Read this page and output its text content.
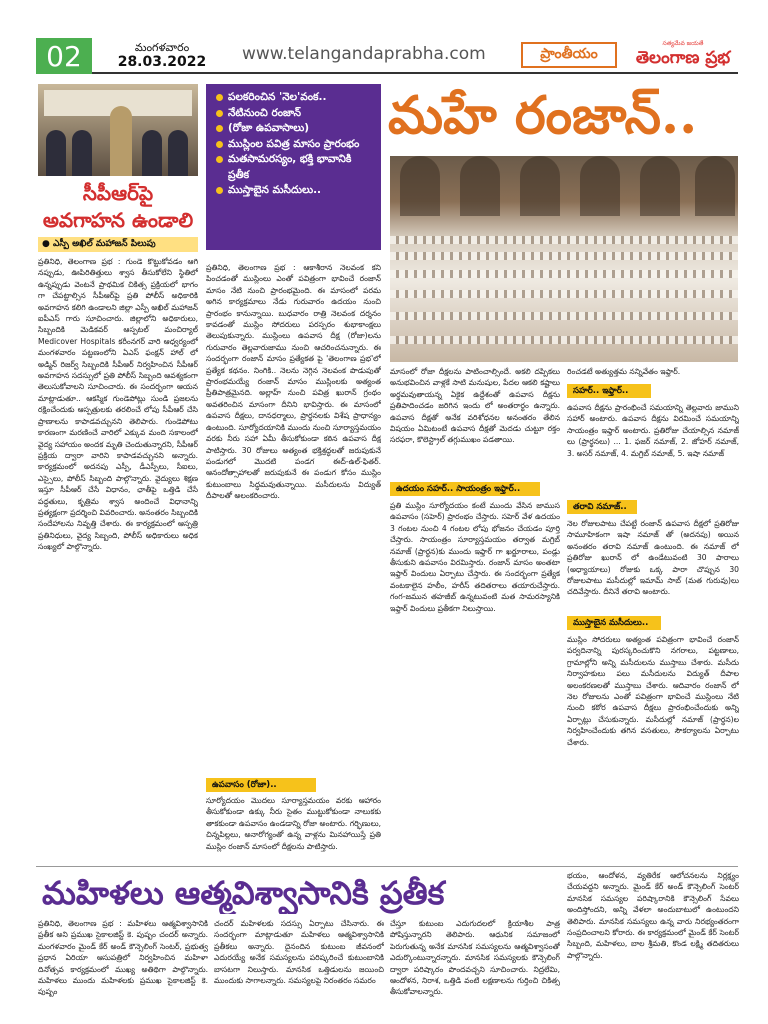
02	మంగళవారం
28.03.2022	www.telangandaprabha.com	ప్రాంతీయం
సత్యమేవ జయతే
తెలంగాణ ప్రభ
సీపీఆర్‌పై
అవగాహన ఉండాలి
● ఎస్పీ అఖిల్ మహాజన్ పిలుపు
ప్రతినిధి, తెలంగాణ ప్రభ : గుండె కొట్టుకోవడం ఆగి నప్పుడు, ఊపిరితిత్తులు శ్వాస తీసుకోలేని స్థితిలో ఉన్నప్పుడు వెంటనే ప్రాథమిక చికిత్స ప్రక్రియలో భాగం గా చేపట్టాల్సిన సీపీఆర్‌పై ప్రతి పోలీస్ అధికారికి అవగాహన కలిగి ఉండాలని జిల్లా ఎస్పీ అఖిల్ మహాజన్ ఐపీఎస్ గారు సూచించారు. జిల్లాలోని అధికారులు, సిబ్బందికి మెడికవర్ ఆస్పటల్ మంచిర్యాల్ Medicover Hospitals కరీంనగర్ వారి ఆధ్వర్యంలో మంగళవారం పట్టణంలోని ఏఎస్ ఫంక్షన్ హాల్ లో అడ్మిన్ రిజర్వ్ సిబ్బందికి సీపీఆర్ నిర్వహించిన సీపీఆర్ అవగాహన సదస్సులో ప్రతి పోలీస్ సిబ్బంది ఆవశ్యకంగా తెలుసుకోవాలని సూచించారు. ఈ సందర్భంగా ఆయన మాట్లాడుతూ.. ఆకస్మిక గుండెపోట్లు సుండి ప్రజలను రక్షించేందుకు ఆస్పత్రులకు తరలించే లోపు సీపీఆర్ చేసి ప్రాణాలను కాపాడవచ్చునని తెలిపారు. గుండెపోటు కారణంగా మరణించే వారిలో ఎక్కువ మంది సకాలంలో వైద్య సహాయం అందక మృతి చెందుతున్నారని, సీపీఆర్ ప్రక్రియ ద్వారా వారిని కాపాడవచ్చునని అన్నారు. కార్యక్రమంలో అదనపు ఎస్పీ, డీఎస్పీలు, సీఐలు, ఎస్సైలు, పోలీస్ సిబ్బంది పాల్గొన్నారు. వైద్యులు శిక్షణ ఇస్తూ సీపీఆర్ చేసే విధానం, ఛాతీపై ఒత్తిడి చేసే పద్ధతులు, కృత్రిమ శ్వాస అందించే విధానాన్ని ప్రత్యక్షంగా ప్రదర్శించి వివరించారు. అనంతరం సిబ్బందికి సందేహాలను నివృత్తి చేశారు. ఈ కార్యక్రమంలో ఆస్పత్రి ప్రతినిధులు, వైద్య సిబ్బంది, పోలీస్ అధికారులు అధిక సంఖ్యలో పాల్గొన్నారు.
పలకరించిన 'నెల'వంక..
నేటినుంచి రంజాన్
(రోజా ఉపవాసాలు)
ముస్లింల పవిత్ర మాసం ప్రారంభం
మతసామరస్యం, భక్తి భావానికి ప్రతీక
ముస్తాబైన మసీదులు..
ప్రతినిధి, తెలంగాణ ప్రభ : ఆకాశీరాన నెలవంక కని పించడంతో ముస్లింలు ఎంతో పవిత్రంగా భావించే రంజాన్ మాసం నేటి నుంచి ప్రారంభమైంది. ఈ మాసంలో పరమ అగిన కార్యక్రమాలు నేడు గురువారం ఉదయం నుంచి ప్రారంభం కానున్నాయి. బుధవారం రాత్రి నెలవంక దర్శనం కావడంతో ముస్లిం సోదరులు పరస్పరం శుభాకాంక్షలు తెలుపుకున్నారు. ముస్లింలు ఉపవాస దీక్ష (రోజా)లను గురువారం తెల్లవారుజాము నుంచి ఆచరించనున్నారు. ఈ సందర్భంగా రంజాన్ మాసం ప్రత్యేకత పై 'తెలంగాణ ప్రభ'లో ప్రత్యేక కథనం. నింగికి.. నెలను నెగ్గిన నెలవంక పొడుపుతో ప్రారంభమయ్యే రంజాన్ మాసం ముస్లింలకు అత్యంత ప్రీతిపాత్రమైనది. అల్లాహ్ నుంచి పవిత్ర ఖురాన్ గ్రంథం అవతరించిన మాసంగా దీనిని భావిస్తారు. ఈ మాసంలో ఉపవాస దీక్షలు, దానధర్మాలు, ప్రార్థనలకు విశేష ప్రాధాన్యం ఉంటుంది. సూర్యోదయానికి ముందు నుంచి సూర్యాస్తమయం వరకు నీరు సహా ఏమీ తీసుకోకుండా కఠిన ఉపవాస దీక్ష పాటిస్తారు. 30 రోజులు అత్యంత భక్తిశ్రద్ధలతో జరుపుకునే పండుగలో మొదటి పండగ ఈద్-ఉల్-ఫితర్. ఆనందోత్సాహాలతో జరుపుకునే ఈ పండుగ కోసం ముస్లిం కుటుంబాలు సిద్ధమవుతున్నాయి. మసీదులను విద్యుత్ దీపాలతో అలంకరించారు.
ఉపవాసం (రోజా)..
సూర్యోదయం మొదలు సూర్యాస్తమయం వరకు ఆహారం తీసుకోకుండా ఉక్కు నీరు సైతం ముట్టుకోకుండా నాలుకకు తాకకుండా ఉపవాసం ఉండడాన్ని రోజా అంటారు. గర్భిణులు, చిన్నపిల్లలు, అనారోగ్యంతో ఉన్న వాళ్లను మినహాయిస్తే ప్రతి ముస్లిం రంజాన్ మాసంలో దీక్షలను పాటిస్తారు.
మహే రంజాన్..
మాసంలో రోజా దీక్షలను పాటించాల్సిందే. అకలి దప్పికలు అనుభవించిన వాళ్లకే సాటి మనుషుల, పేదల ఆకలి కష్టాలు అర్థమవుతాయన్న ఏకైక ఉద్దేశంతో ఉపవాస దీక్షను ప్రతిపాదించడం జరిగిన ఇందు లో అంతరార్థం ఉన్నారు. ఉపవాస దీక్షతో అనేక వరిశోధనల అనంతరం తేలిన విషయం ఏమిటంటే ఉపవాస దీక్షతో మెదడు చుట్టూ రక్తం సరఫరా, కొలెస్ట్రాల్ తగ్గుముఖం పడతాయి.
ఉదయం సహర్.. సాయంత్రం ఇఫ్తార్..
ప్రతి ముస్లిం సూర్యోదయం కంటే ముందు వేసిన జాముస ఉపవాసం (సహెర్) ప్రారంభం చేస్తారు. సహెర్ వేళ ఉదయం 3 గంటల నుంచి 4 గంటల లోపు భోజనం చేయడం పూర్తి చేస్తారు. సాయంత్రం సూర్యాస్తమయం తర్వాత మగ్రిబ్ నమాజ్ (ప్రార్థన)కు ముందు ఇఫ్తార్ గా ఖర్జూరాలు, పండ్లు తీసుకుని ఉపవాసం విరమిస్తారు. రంజాన్ మాసం అంతటా ఇఫ్తార్ విందులు ఏర్పాటు చేస్తారు. ఈ సందర్భంగా ప్రత్యేక వంటకాలైన హలీం, హరీస్ తదితరాలు తయారుచేస్తారు. గంగ-జమున తహజీబ్ ఉన్నటువంటి మత సామరస్యానికి ఇఫ్తార్ విందులు ప్రతీకగా నిలుస్తాయి.
రించడటే అత్యుత్తమ నన్నివేతం ఇఫ్తార్.
సహర్.. ఇఫ్తార్..
ఉపవాస దీక్షను ప్రారంభించే సమయాన్ని తెల్లవారు జాముని సహార్ అంటారు. ఉపవాస దీక్షను విరమించే సమయాన్ని సాయంత్రం ఇఫ్తార్ అంటారు. ప్రతిరోజు చేయాల్సిన నమాజ్ లు (ప్రార్థనలు) ... 1. ఫజర్ నమాజ్, 2. జోహర్ నమాజ్, 3. అసర్ నమాజ్, 4. మగ్రిబ్ నమాజ్, 5. ఇషా నమాజ్
తరావి నమాజ్..
నెల రోజులపాటు చేపట్టే రంజాన్ ఉపవాస దీక్షలో ప్రతిరోజు సామూహికంగా ఇషా నమాజ్ తో (అదనపు) అయిన అనంతరం తరావి నమాజ్ ఉంటుంది. ఈ నమాజ్ లో ప్రతిరోజు ఖురాన్ లో ఉండేటువంటి 30 పారాలు (అధ్యాయాలు) రోజుకు ఒక్క పారా చొప్పున 30 రోజులపాటు మసీదుల్లో ఇమామ్ సాబ్ (మత గురువు)లు చదివేస్తారు. దీనినే తరావి అంటారు.
ముస్తాబైన మసీదులు..
ముస్లిం సోదరులు అత్యంత పవిత్రంగా భావించే రంజాన్ పర్వదినాన్ని పురస్కరించుకొని నగరాలు, పట్టణాలు, గ్రామాల్లోని అన్ని మసీదులను ముస్తాబు చేశారు. మసీదు నిర్వాహకులు పలు మసీదులను విద్యుత్ దీపాల అలంకరణలతో ముస్తాబు చేశారు. ఆదివారం రంజాన్ లో నెల రోజులను ఎంతో పవిత్రంగా భావించే ముస్లింలు నేటి నుంచి కఠోర ఉపవాస దీక్షలు ప్రారంభించేందుకు అన్ని ఏర్పాట్లు చేసుకున్నారు. మసీదుల్లో నమాజ్ (ప్రార్థన)ల నిర్వహించేందుకు తగిన వసతులు, సౌకర్యాలను ఏర్పాటు చేశారు.
మహిళలు ఆత్మవిశ్వాసానికి ప్రతీక
ప్రతినిధి, తెలంగాణ ప్రభ : మహిళలు ఆత్మవిశ్వాసానికి ప్రతీక అని ప్రముఖ సైకాలజిస్ట్ కె. పుష్పం చందర్ అన్నారు. మంగళవారం మైండ్ కేర్ అండ్ కౌన్సెలింగ్ సెంటర్, ప్రభుత్వ ప్రధాన ఏరియా ఆసుపత్రిలో నిర్వహించిన మహిళా దినోత్సవ కార్యక్రమంలో ముఖ్య అతిథిగా పాల్గొన్నారు. మహిళలు ముందు మహిళలకు ప్రముఖ సైకాలజిస్ట్ కె. పుష్పం
చందర్ మహిళలకు సదస్సు ఏర్పాటు చేసినారు. ఈ సందర్భంగా మాట్లాడుతూ మహిళలు ఆత్మవిశ్వాసానికి ప్రతీకలు అన్నారు. దైనందిన కుటుంబ జీవనంలో ఎదురయ్యే అనేక సమస్యలను పరిష్కరించే కుటుంబానికి బాసటగా నిలుస్తారు. మానసిక ఒత్తిడులను జయించి ముందుకు సాగాలన్నారు. సమస్యలపై నిరంతరం సమరం
చేస్తూ కుటుంబ ఎదుగుదలలో క్రియాశీల పాత్ర పోషిస్తున్నారని తెలిపారు. ఆధునిక సమాజంలో పెరుగుతున్న అనేక మానసిక సమస్యలను ఆత్మవిశ్వాసంతో ఎదుర్కొంటున్నారన్నారు. మానసిక సమస్యలకు కౌన్సెలింగ్ ద్వారా పరిష్కారం పొందవచ్చని సూచించారు. నిద్రలేమి, ఆందోళన, నిరాశ, ఒత్తిడి వంటి లక్షణాలను గుర్తించి చికిత్స తీసుకోవాలన్నారు.
భయం, ఆందోళన, వ్యతిరేక ఆలోచనలను నిర్లక్ష్యం చేయవద్దని అన్నారు. మైండ్ కేర్ అండ్ కౌన్సెలింగ్ సెంటర్ మానసిక సమస్యల పరిష్కారానికి కౌన్సెలింగ్ సేవలు అందిస్తోందని, అన్ని వేళలా అందుబాటులో ఉంటుందని తెలిపారు. మానసిక సమస్యలు ఉన్న వారు నిరభ్యంతరంగా సంప్రదించాలని కోరారు. ఈ కార్యక్రమంలో మైండ్ కేర్ సెంటర్ సిబ్బంది, మహిళలు, బాల శ్రీమతి, కొండ లక్ష్మి తదితరులు పాల్గొన్నారు.
